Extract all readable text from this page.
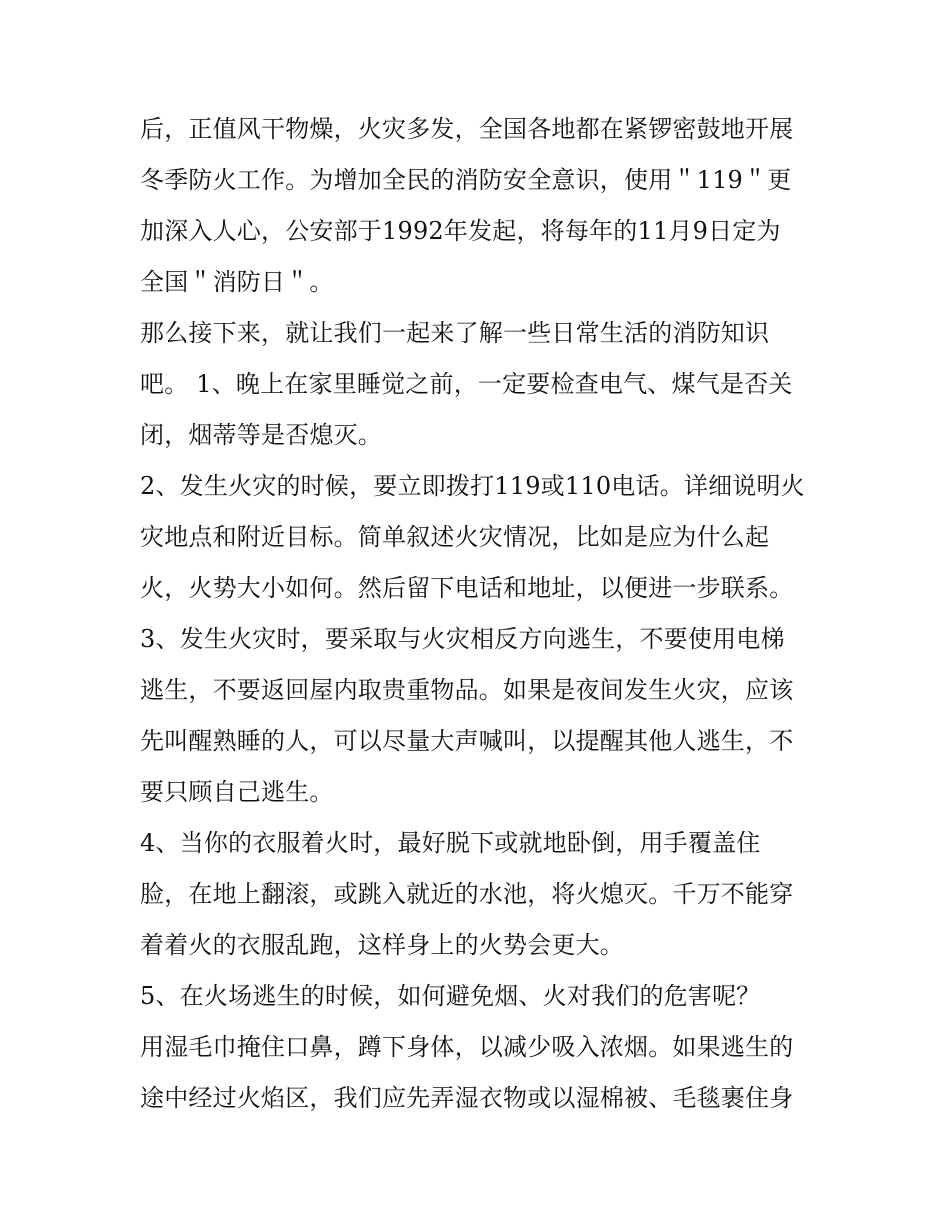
后，正值风干物燥，火灾多发，全国各地都在紧锣密鼓地开展
冬季防火工作。为增加全民的消防安全意识，使用＂119＂更
加深入人心，公安部于1992年发起，将每年的11月9日定为
全国＂消防日＂。
那么接下来，就让我们一起来了解一些日常生活的消防知识
吧。 1、晚上在家里睡觉之前，一定要检查电气、煤气是否关
闭，烟蒂等是否熄灭。
2、发生火灾的时候，要立即拨打119或110电话。详细说明火
灾地点和附近目标。简单叙述火灾情况，比如是应为什么起
火，火势大小如何。然后留下电话和地址，以便进一步联系。
3、发生火灾时，要采取与火灾相反方向逃生，不要使用电梯
逃生，不要返回屋内取贵重物品。如果是夜间发生火灾，应该
先叫醒熟睡的人，可以尽量大声喊叫，以提醒其他人逃生，不
要只顾自己逃生。
4、当你的衣服着火时，最好脱下或就地卧倒，用手覆盖住
脸，在地上翻滚，或跳入就近的水池，将火熄灭。千万不能穿
着着火的衣服乱跑，这样身上的火势会更大。
5、在火场逃生的时候，如何避免烟、火对我们的危害呢？
用湿毛巾掩住口鼻，蹲下身体，以减少吸入浓烟。如果逃生的
途中经过火焰区，我们应先弄湿衣物或以湿棉被、毛毯裹住身
